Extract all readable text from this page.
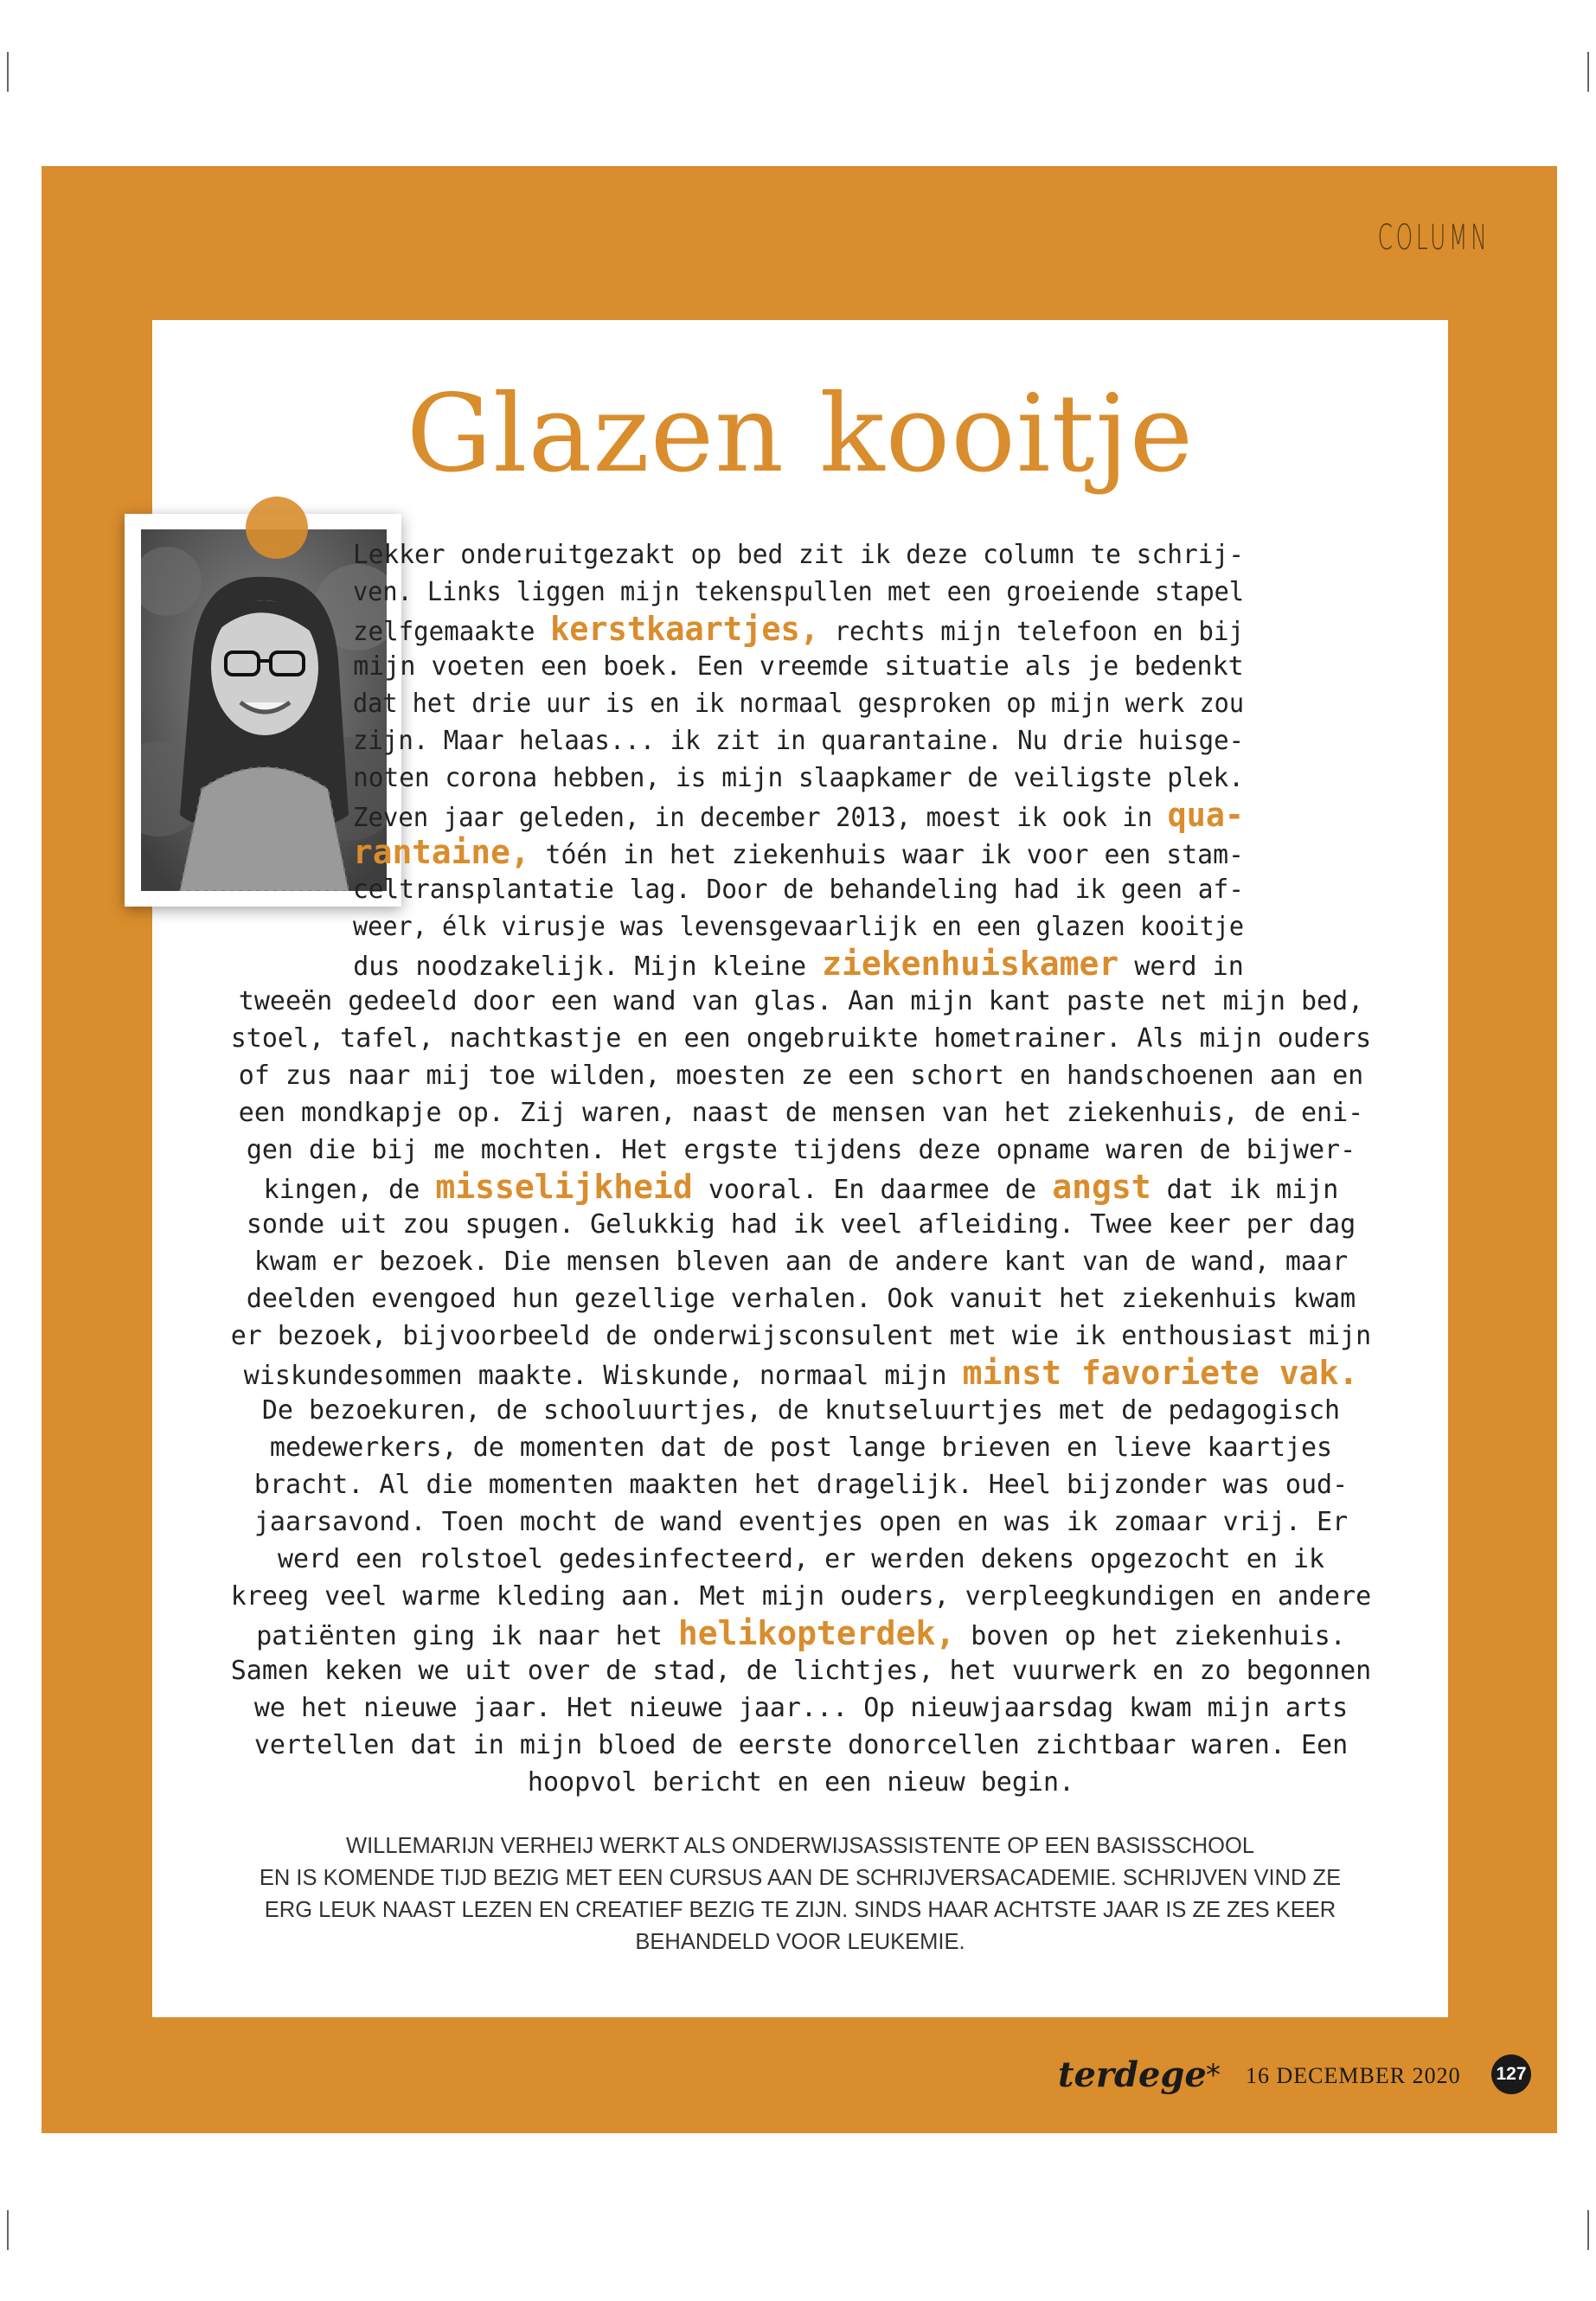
COLUMN
Glazen kooitje
Lekker onderuitgezakt op bed zit ik deze column te schrij-
ven. Links liggen mijn tekenspullen met een groeiende stapel
zelfgemaakte kerstkaartjes, rechts mijn telefoon en bij
mijn voeten een boek. Een vreemde situatie als je bedenkt
dat het drie uur is en ik normaal gesproken op mijn werk zou
zijn. Maar helaas... ik zit in quarantaine. Nu drie huisge-
noten corona hebben, is mijn slaapkamer de veiligste plek.
Zeven jaar geleden, in december 2013, moest ik ook in qua-
rantaine, tóén in het ziekenhuis waar ik voor een stam-
celtransplantatie lag. Door de behandeling had ik geen af-
weer, élk virusje was levensgevaarlijk en een glazen kooitje
dus noodzakelijk. Mijn kleine ziekenhuiskamer werd in
tweeën gedeeld door een wand van glas. Aan mijn kant paste net mijn bed,
stoel, tafel, nachtkastje en een ongebruikte hometrainer. Als mijn ouders
of zus naar mij toe wilden, moesten ze een schort en handschoenen aan en
een mondkapje op. Zij waren, naast de mensen van het ziekenhuis, de eni-
gen die bij me mochten. Het ergste tijdens deze opname waren de bijwer-
kingen, de misselijkheid vooral. En daarmee de angst dat ik mijn
sonde uit zou spugen. Gelukkig had ik veel afleiding. Twee keer per dag
kwam er bezoek. Die mensen bleven aan de andere kant van de wand, maar
deelden evengoed hun gezellige verhalen. Ook vanuit het ziekenhuis kwam
er bezoek, bijvoorbeeld de onderwijsconsulent met wie ik enthousiast mijn
wiskundesommen maakte. Wiskunde, normaal mijn minst favoriete vak.
De bezoekuren, de schooluurtjes, de knutseluurtjes met de pedagogisch
medewerkers, de momenten dat de post lange brieven en lieve kaartjes
bracht. Al die momenten maakten het dragelijk. Heel bijzonder was oud-
jaarsavond. Toen mocht de wand eventjes open en was ik zomaar vrij. Er
werd een rolstoel gedesinfecteerd, er werden dekens opgezocht en ik
kreeg veel warme kleding aan. Met mijn ouders, verpleegkundigen en andere
patiënten ging ik naar het helikopterdek, boven op het ziekenhuis.
Samen keken we uit over de stad, de lichtjes, het vuurwerk en zo begonnen
we het nieuwe jaar. Het nieuwe jaar... Op nieuwjaarsdag kwam mijn arts
vertellen dat in mijn bloed de eerste donorcellen zichtbaar waren. Een
hoopvol bericht en een nieuw begin.
WILLEMARIJN VERHEIJ WERKT ALS ONDERWIJSASSISTENTE OP EEN BASISSCHOOL
EN IS KOMENDE TIJD BEZIG MET EEN CURSUS AAN DE SCHRIJVERSACADEMIE. SCHRIJVEN VIND ZE
ERG LEUK NAAST LEZEN EN CREATIEF BEZIG TE ZIJN. SINDS HAAR ACHTSTE JAAR IS ZE ZES KEER
BEHANDELD VOOR LEUKEMIE.
terdege * 16 DECEMBER 2020 127
